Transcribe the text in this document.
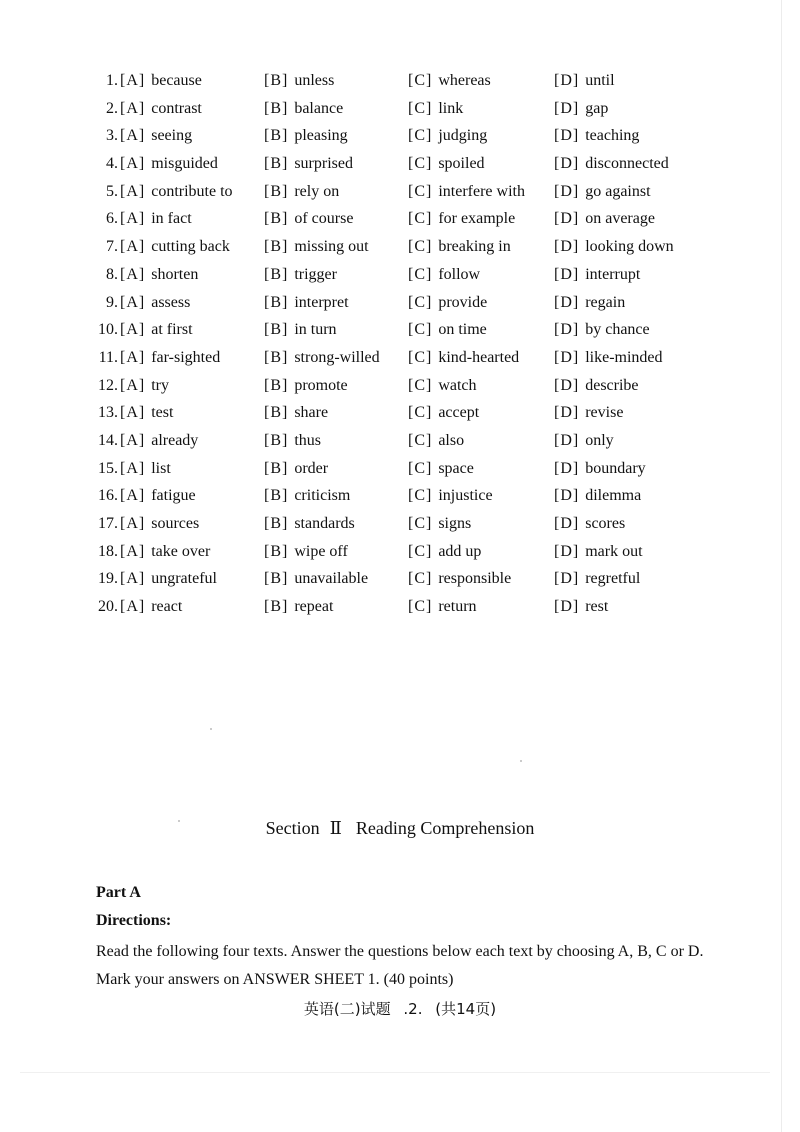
1. [A] because	[B] unless	[C] whereas	[D] until
2. [A] contrast	[B] balance	[C] link	[D] gap
3. [A] seeing	[B] pleasing	[C] judging	[D] teaching
4. [A] misguided	[B] surprised	[C] spoiled	[D] disconnected
5. [A] contribute to [B] rely on	[C] interfere with [D] go against
6. [A] in fact	[B] of course	[C] for example [D] on average
7. [A] cutting back [B] missing out [C] breaking in	[D] looking down
8. [A] shorten	[B] trigger	[C] follow	[D] interrupt
9. [A] assess	[B] interpret	[C] provide	[D] regain
10. [A] at first	[B] in turn	[C] on time	[D] by chance
11. [A] far-sighted	[B] strong-willed [C] kind-hearted [D] like-minded
12. [A] try	[B] promote	[C] watch	[D] describe
13. [A] test	[B] share	[C] accept	[D] revise
14. [A] already	[B] thus	[C] also	[D] only
15. [A] list	[B] order	[C] space	[D] boundary
16. [A] fatigue	[B] criticism	[C] injustice	[D] dilemma
17. [A] sources	[B] standards	[C] signs	[D] scores
18. [A] take over	[B] wipe off	[C] add up	[D] mark out
19. [A] ungrateful	[B] unavailable [C] responsible	[D] regretful
20. [A] react	[B] repeat	[C] return	[D] rest
Section Ⅱ Reading Comprehension
Part A
Directions:
Read the following four texts. Answer the questions below each text by choosing A, B, C or D. Mark your answers on ANSWER SHEET 1. (40 points)
英语(二)试题 .2. (共14页)
